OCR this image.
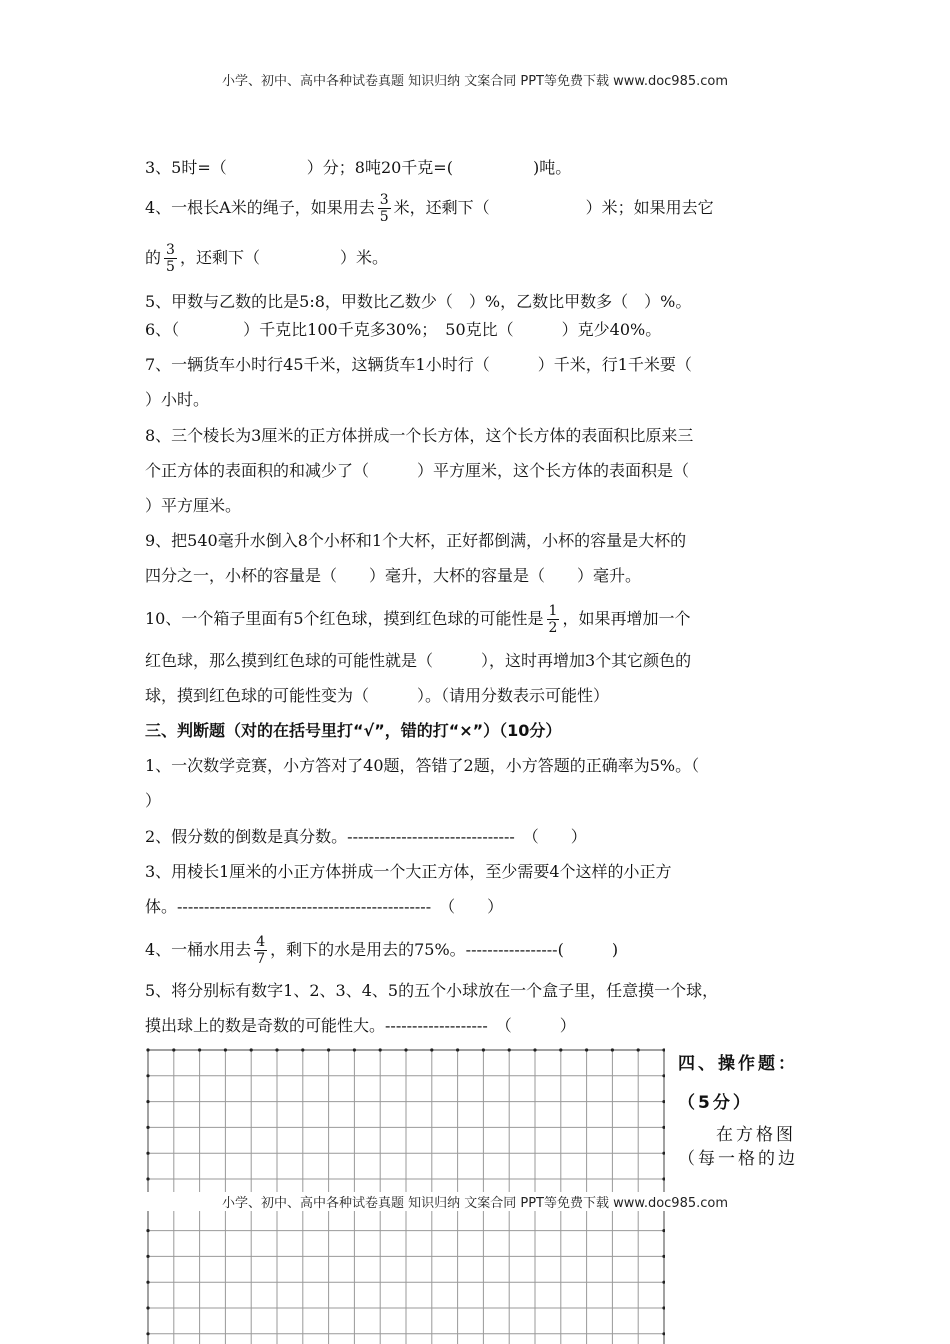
小学、初中、高中各种试卷真题 知识归纳 文案合同 PPT等免费下载 www.doc985.com
3、5时=（　　　　　）分；8吨20千克=(　　　　　)吨。
4、一根长A米的绳子，如果用去 $\frac{3}{5}$ 米，还剩下（　　　　　　）米；如果用去它
的 $\frac{3}{5}$ ，还剩下（　　　　　）米。
5、甲数与乙数的比是5:8，甲数比乙数少（　）%，乙数比甲数多（　）%。
6、（　　　　）千克比100千克多30%；　50克比（　　　）克少40%。
7、一辆货车小时行45千米，这辆货车1小时行（　　　）千米，行1千米要（
）小时。
8、三个棱长为3厘米的正方体拼成一个长方体，这个长方体的表面积比原来三
个正方体的表面积的和减少了（　　　）平方厘米，这个长方体的表面积是（
）平方厘米。
9、把540毫升水倒入8个小杯和1个大杯，正好都倒满，小杯的容量是大杯的
四分之一，小杯的容量是（　　）毫升，大杯的容量是（　　）毫升。
10、一个箱子里面有5个红色球，摸到红色球的可能性是 $\frac{1}{2}$ ，如果再增加一个
红色球，那么摸到红色球的可能性就是（　　　），这时再增加3个其它颜色的
球，摸到红色球的可能性变为（　　　）。（请用分数表示可能性）
三、判断题（对的在括号里打“√”，错的打“×”）（10分）
1、一次数学竞赛，小方答对了40题，答错了2题，小方答题的正确率为5%。（
）
2、假分数的倒数是真分数。-------------------------------　（　　）
3、用棱长1厘米的小正方体拼成一个大正方体，至少需要4个这样的小正方
体。-----------------------------------------------　（　　）
4、一桶水用去 $\frac{4}{7}$ ，剩下的水是用去的75%。-----------------(　　　)
5、将分别标有数字1、2、3、4、5的五个小球放在一个盒子里，任意摸一个球，
摸出球上的数是奇数的可能性大。-------------------　（　　　）
四、操作题：
（5分）
在方格图
（每一格的边
小学、初中、高中各种试卷真题 知识归纳 文案合同 PPT等免费下载 www.doc985.com
